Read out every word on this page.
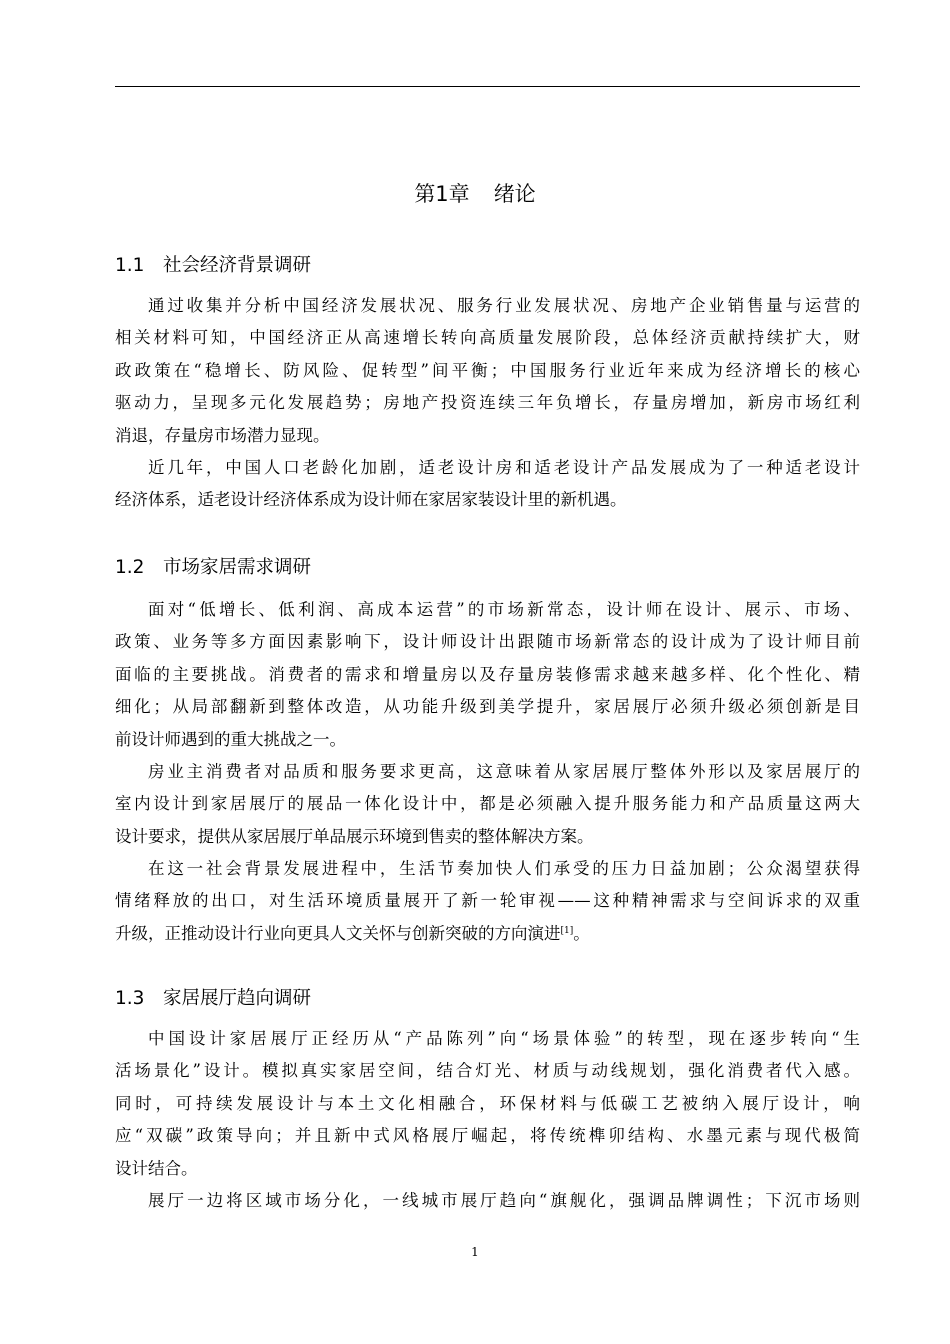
第1章 绪论
1.1 社会经济背景调研
通过收集并分析中国经济发展状况、服务行业发展状况、房地产企业销售量与运营的
相关材料可知，中国经济正从高速增长转向高质量发展阶段，总体经济贡献持续扩大，财
政政策在“稳增长、防风险、促转型”间平衡；中国服务行业近年来成为经济增长的核心
驱动力，呈现多元化发展趋势；房地产投资连续三年负增长，存量房增加，新房市场红利
消退，存量房市场潜力显现。
近几年，中国人口老龄化加剧，适老设计房和适老设计产品发展成为了一种适老设计
经济体系，适老设计经济体系成为设计师在家居家装设计里的新机遇。
1.2 市场家居需求调研
面对“低增长、低利润、高成本运营”的市场新常态，设计师在设计、展示、市场、
政策、业务等多方面因素影响下，设计师设计出跟随市场新常态的设计成为了设计师目前
面临的主要挑战。消费者的需求和增量房以及存量房装修需求越来越多样、化个性化、精
细化；从局部翻新到整体改造，从功能升级到美学提升，家居展厅必须升级必须创新是目
前设计师遇到的重大挑战之一。
房业主消费者对品质和服务要求更高，这意味着从家居展厅整体外形以及家居展厅的
室内设计到家居展厅的展品一体化设计中，都是必须融入提升服务能力和产品质量这两大
设计要求，提供从家居展厅单品展示环境到售卖的整体解决方案。
在这一社会背景发展进程中，生活节奏加快人们承受的压力日益加剧；公众渴望获得
情绪释放的出口，对生活环境质量展开了新一轮审视——这种精神需求与空间诉求的双重
升级，正推动设计行业向更具人文关怀与创新突破的方向演进[1]。
1.3 家居展厅趋向调研
中国设计家居展厅正经历从“产品陈列”向“场景体验”的转型，现在逐步转向“生
活场景化”设计。模拟真实家居空间，结合灯光、材质与动线规划，强化消费者代入感。
同时，可持续发展设计与本土文化相融合，环保材料与低碳工艺被纳入展厅设计，响
应“双碳”政策导向；并且新中式风格展厅崛起，将传统榫卯结构、水墨元素与现代极简
设计结合。
展厅一边将区域市场分化，一线城市展厅趋向“旗舰化，强调品牌调性；下沉市场则
1
